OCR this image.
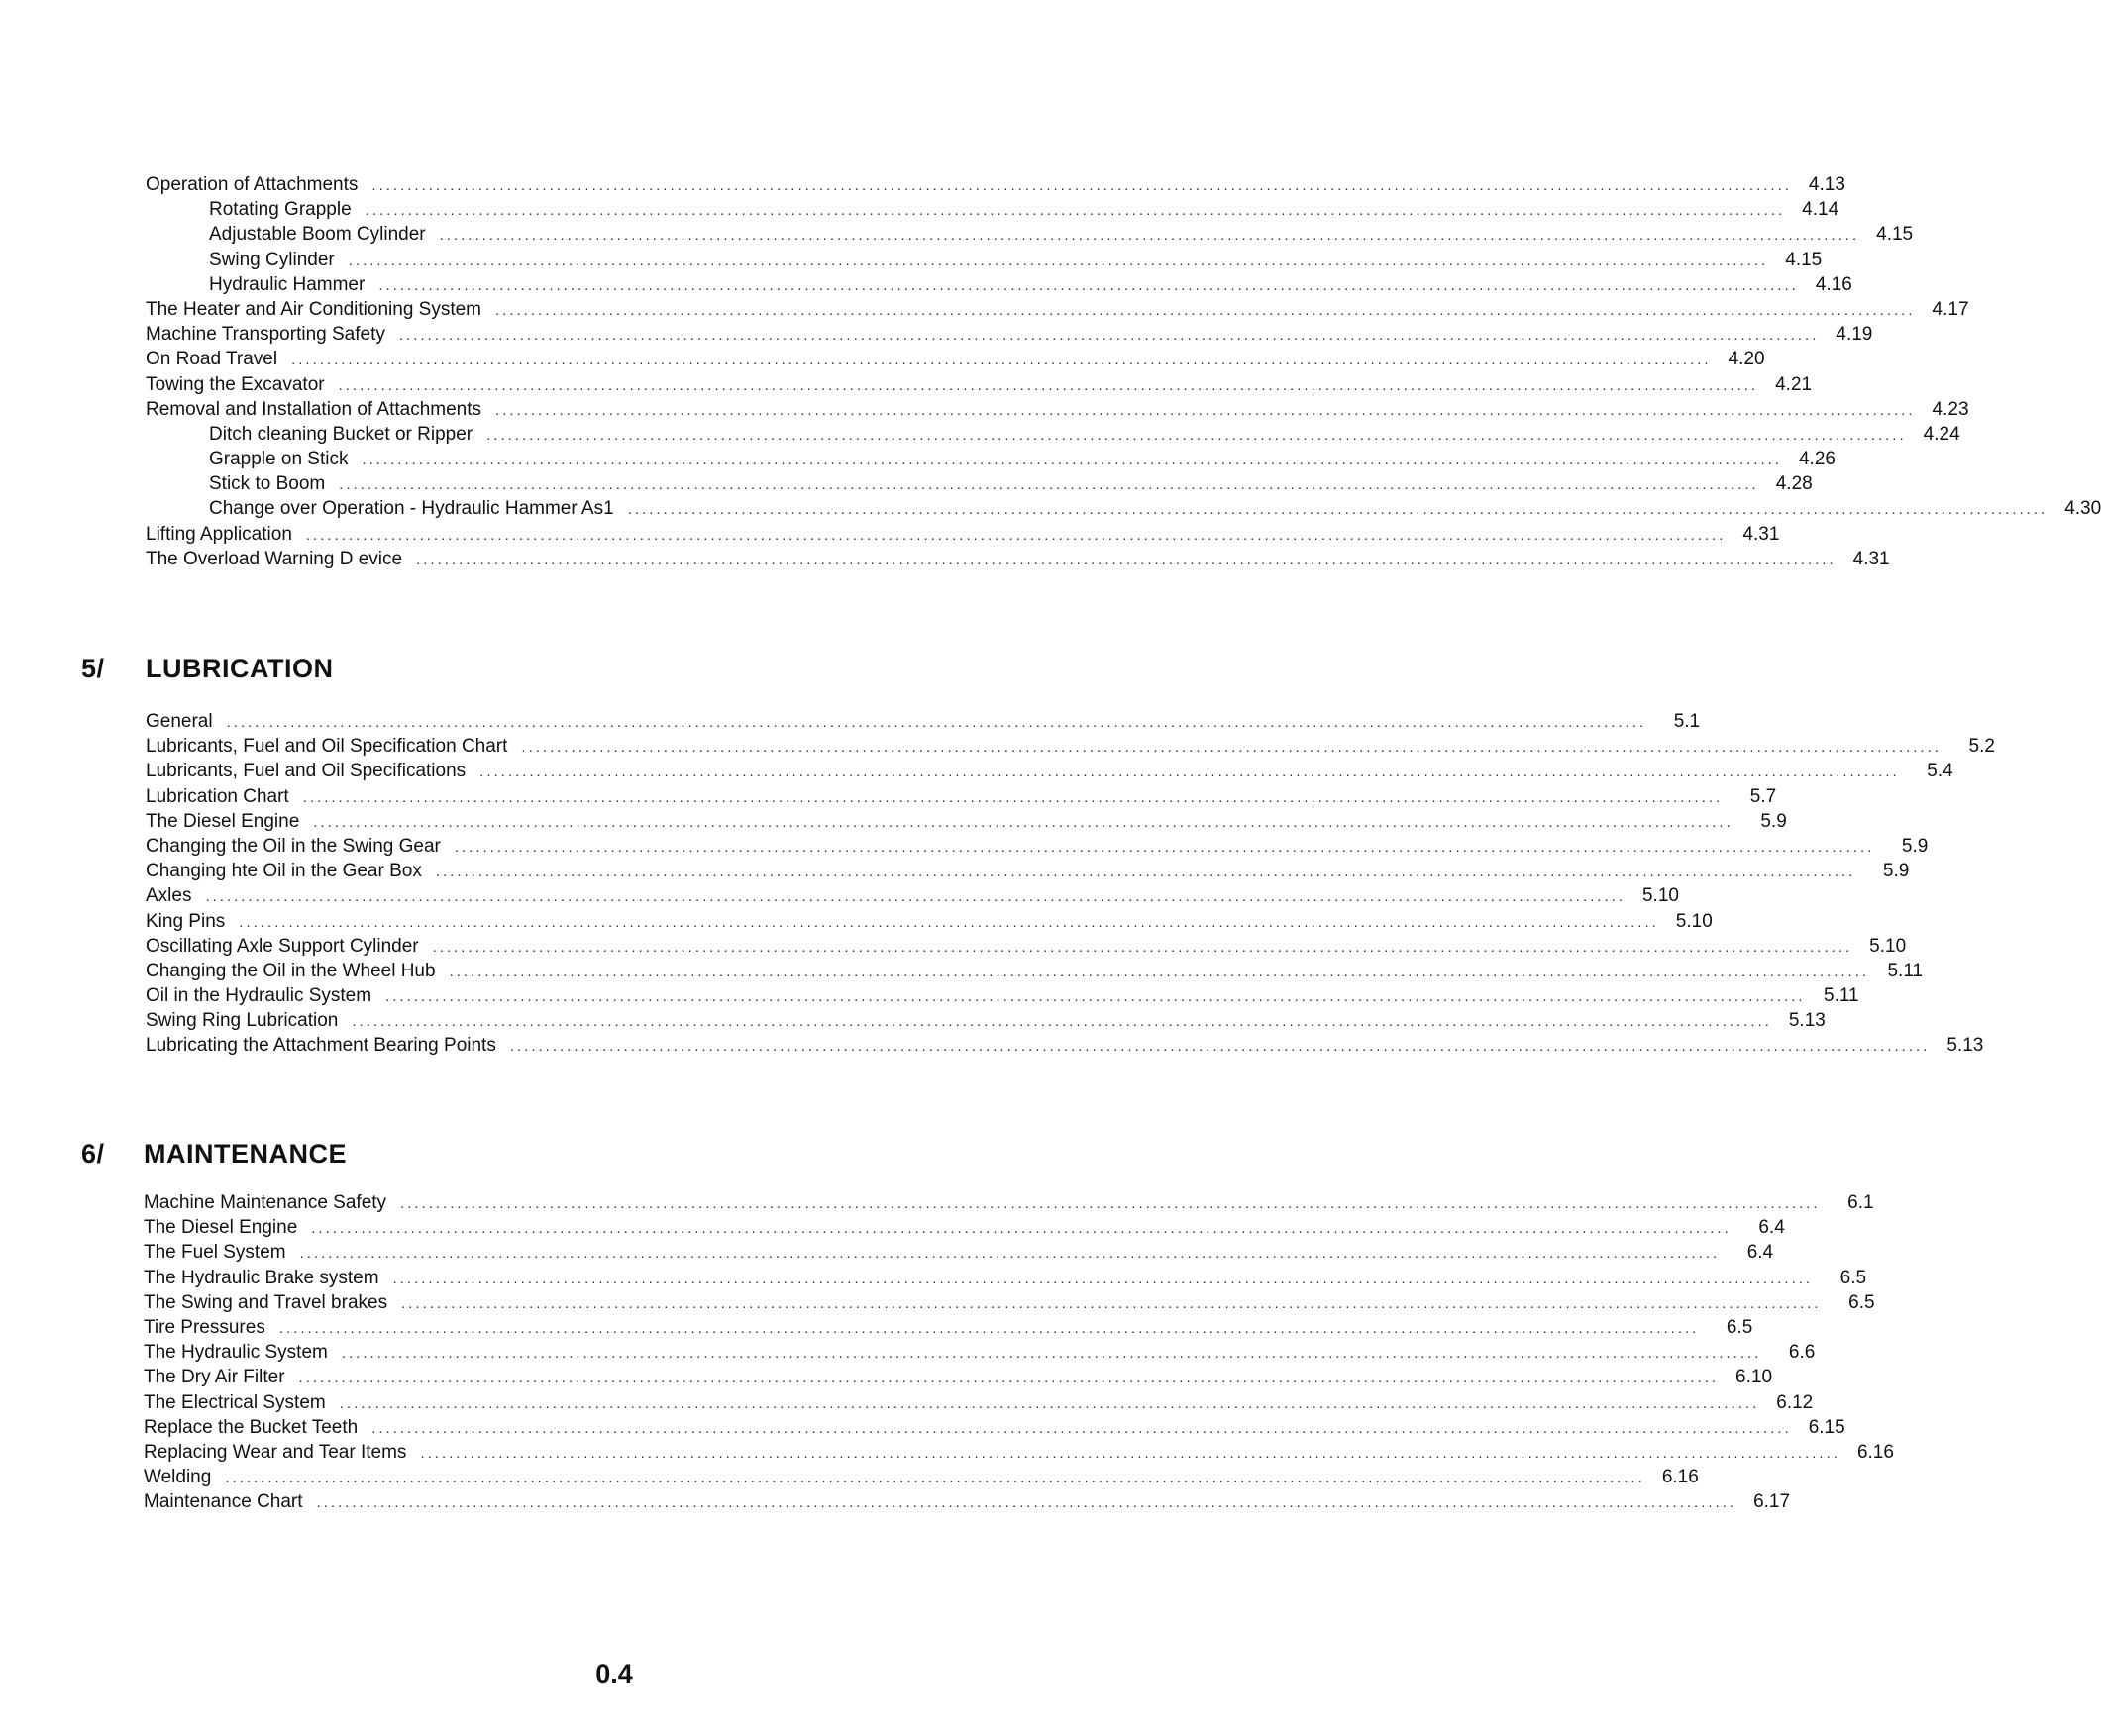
Operation of Attachments ........................................................................................................................................................................................................ 4.13
Rotating Grapple ........................................................................................................................................................................................................ 4.14
Adjustable Boom Cylinder ........................................................................................................................................................................................................ 4.15
Swing Cylinder ........................................................................................................................................................................................................ 4.15
Hydraulic Hammer ........................................................................................................................................................................................................ 4.16
The Heater and Air Conditioning System ........................................................................................................................................................................................................ 4.17
Machine Transporting Safety ........................................................................................................................................................................................................ 4.19
On Road Travel ........................................................................................................................................................................................................ 4.20
Towing the Excavator ........................................................................................................................................................................................................ 4.21
Removal and Installation of Attachments ........................................................................................................................................................................................................ 4.23
Ditch cleaning Bucket or Ripper ........................................................................................................................................................................................................ 4.24
Grapple on Stick ........................................................................................................................................................................................................ 4.26
Stick to Boom ........................................................................................................................................................................................................ 4.28
Change over Operation - Hydraulic Hammer As1 ........................................................................................................................................................................................................ 4.30
Lifting Application ........................................................................................................................................................................................................ 4.31
The Overload Warning D evice ........................................................................................................................................................................................................ 4.31
5/ LUBRICATION
General ........................................................................................................................................................................................................	5.1
Lubricants, Fuel and Oil Specification Chart ........................................................................................................................................................................................................	5.2
Lubricants, Fuel and Oil Specifications ........................................................................................................................................................................................................	5.4
Lubrication Chart ........................................................................................................................................................................................................	5.7
The Diesel Engine ........................................................................................................................................................................................................	5.9
Changing the Oil in the Swing Gear ........................................................................................................................................................................................................	5.9
Changing hte Oil in the Gear Box ........................................................................................................................................................................................................	5.9
Axles ........................................................................................................................................................................................................ 5.10
King Pins ........................................................................................................................................................................................................ 5.10
Oscillating Axle Support Cylinder ........................................................................................................................................................................................................ 5.10
Changing the Oil in the Wheel Hub ........................................................................................................................................................................................................ 5.11
Oil in the Hydraulic System ........................................................................................................................................................................................................ 5.11
Swing Ring Lubrication ........................................................................................................................................................................................................ 5.13
Lubricating the Attachment Bearing Points ........................................................................................................................................................................................................ 5.13
6/ MAINTENANCE
Machine Maintenance Safety ........................................................................................................................................................................................................	6.1
The Diesel Engine ........................................................................................................................................................................................................	6.4
The Fuel System ........................................................................................................................................................................................................	6.4
The Hydraulic Brake system ........................................................................................................................................................................................................	6.5
The Swing and Travel brakes ........................................................................................................................................................................................................	6.5
Tire Pressures ........................................................................................................................................................................................................	6.5
The Hydraulic System ........................................................................................................................................................................................................	6.6
The Dry Air Filter ........................................................................................................................................................................................................ 6.10
The Electrical System ........................................................................................................................................................................................................ 6.12
Replace the Bucket Teeth ........................................................................................................................................................................................................ 6.15
Replacing Wear and Tear Items ........................................................................................................................................................................................................ 6.16
Welding ........................................................................................................................................................................................................ 6.16
Maintenance Chart ........................................................................................................................................................................................................ 6.17
0.4
